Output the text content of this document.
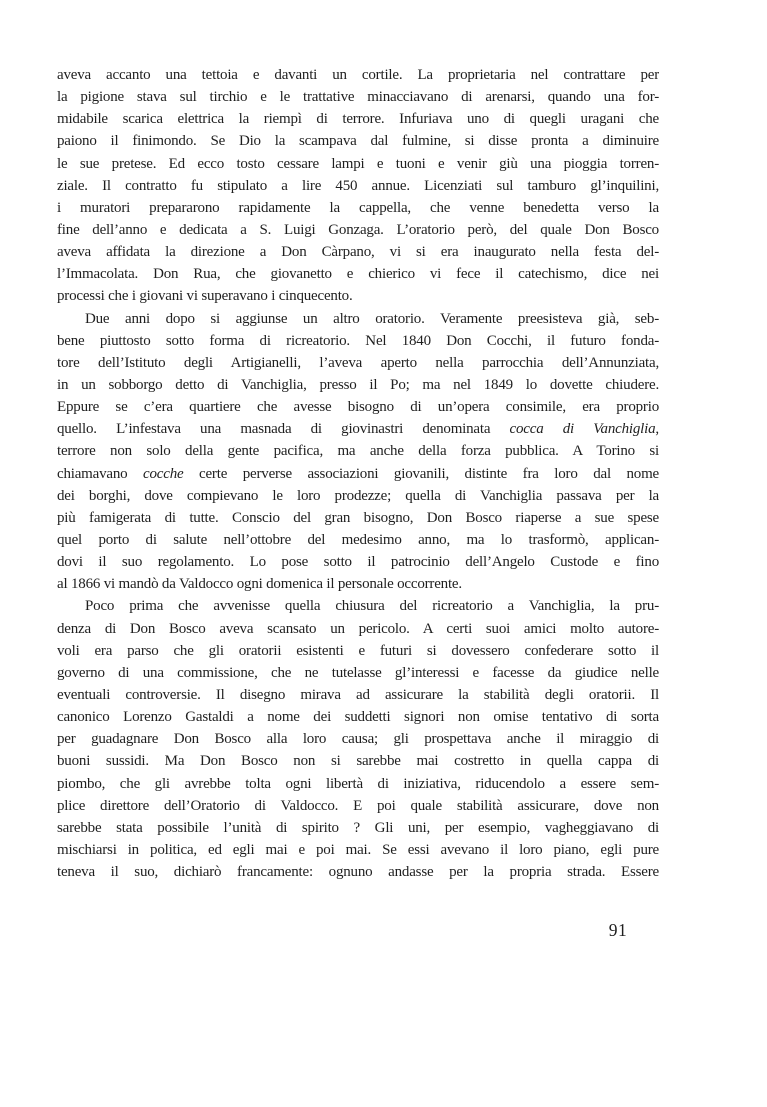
aveva accanto una tettoia e davanti un cortile. La proprietaria nel contrattare per
la pigione stava sul tirchio e le trattative minacciavano di arenarsi, quando una for-
midabile scarica elettrica la riempì di terrore. Infuriava uno di quegli uragani che
paiono il finimondo. Se Dio la scampava dal fulmine, si disse pronta a diminuire
le sue pretese. Ed ecco tosto cessare lampi e tuoni e venir giù una pioggia torren-
ziale. Il contratto fu stipulato a lire 450 annue. Licenziati sul tamburo gl’inquilini,
i muratori prepararono rapidamente la cappella, che venne benedetta verso la
fine dell’anno e dedicata a S. Luigi Gonzaga. L’oratorio però, del quale Don Bosco
aveva affidata la direzione a Don Càrpano, vi si era inaugurato nella festa del-
l’Immacolata. Don Rua, che giovanetto e chierico vi fece il catechismo, dice nei
processi che i giovani vi superavano i cinquecento.
Due anni dopo si aggiunse un altro oratorio. Veramente preesisteva già, seb-
bene piuttosto sotto forma di ricreatorio. Nel 1840 Don Cocchi, il futuro fonda-
tore dell’Istituto degli Artigianelli, l’aveva aperto nella parrocchia dell’Annunziata,
in un sobborgo detto di Vanchiglia, presso il Po; ma nel 1849 lo dovette chiudere.
Eppure se c’era quartiere che avesse bisogno di un’opera consimile, era proprio
quello. L’infestava una masnada di giovinastri denominata cocca di Vanchiglia,
terrore non solo della gente pacifica, ma anche della forza pubblica. A Torino si
chiamavano cocche certe perverse associazioni giovanili, distinte fra loro dal nome
dei borghi, dove compievano le loro prodezze; quella di Vanchiglia passava per la
più famigerata di tutte. Conscio del gran bisogno, Don Bosco riaperse a sue spese
quel porto di salute nell’ottobre del medesimo anno, ma lo trasformò, applican-
dovi il suo regolamento. Lo pose sotto il patrocinio dell’Angelo Custode e fino
al 1866 vi mandò da Valdocco ogni domenica il personale occorrente.
Poco prima che avvenisse quella chiusura del ricreatorio a Vanchiglia, la pru-
denza di Don Bosco aveva scansato un pericolo. A certi suoi amici molto autore-
voli era parso che gli oratorii esistenti e futuri si dovessero confederare sotto il
governo di una commissione, che ne tutelasse gl’interessi e facesse da giudice nelle
eventuali controversie. Il disegno mirava ad assicurare la stabilità degli oratorii. Il
canonico Lorenzo Gastaldi a nome dei suddetti signori non omise tentativo di sorta
per guadagnare Don Bosco alla loro causa; gli prospettava anche il miraggio di
buoni sussidi. Ma Don Bosco non si sarebbe mai costretto in quella cappa di
piombo, che gli avrebbe tolta ogni libertà di iniziativa, riducendolo a essere sem-
plice direttore dell’Oratorio di Valdocco. E poi quale stabilità assicurare, dove non
sarebbe stata possibile l’unità di spirito ? Gli uni, per esempio, vagheggiavano di
mischiarsi in politica, ed egli mai e poi mai. Se essi avevano il loro piano, egli pure
teneva il suo, dichiarò francamente: ognuno andasse per la propria strada. Essere
91
